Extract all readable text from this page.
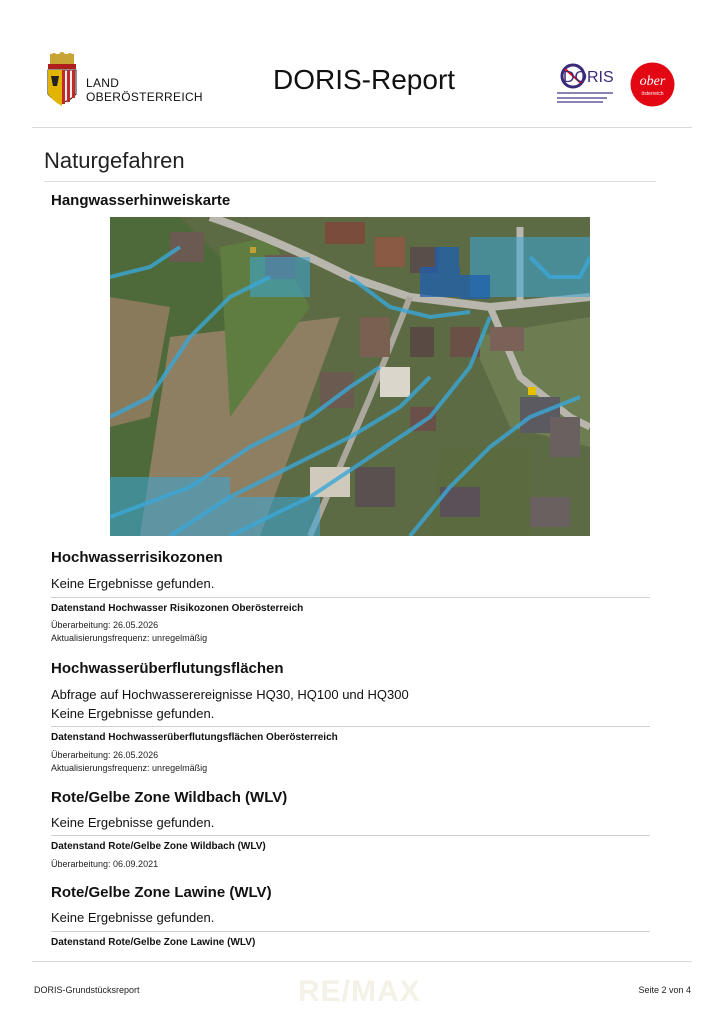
LAND
OBERÖSTERREICH
DORIS-Report	DORIS ober
österreich
Naturgefahren
Hangwasserhinweiskarte
Hochwasserrisikozonen
Keine Ergebnisse gefunden.
Datenstand Hochwasser Risikozonen Oberösterreich
Überarbeitung: 26.05.2026
Aktualisierungsfrequenz: unregelmäßig
Hochwasserüberflutungsflächen
Abfrage auf Hochwasserereignisse HQ30, HQ100 und HQ300
Keine Ergebnisse gefunden.
Datenstand Hochwasserüberflutungsflächen Oberösterreich
Überarbeitung: 26.05.2026
Aktualisierungsfrequenz: unregelmäßig
Rote/Gelbe Zone Wildbach (WLV)
Keine Ergebnisse gefunden.
Datenstand Rote/Gelbe Zone Wildbach (WLV)
Überarbeitung: 06.09.2021
Rote/Gelbe Zone Lawine (WLV)
Keine Ergebnisse gefunden.
Datenstand Rote/Gelbe Zone Lawine (WLV)
RE/MAX
DORIS-Grundstücksreport	Seite 2 von 4
